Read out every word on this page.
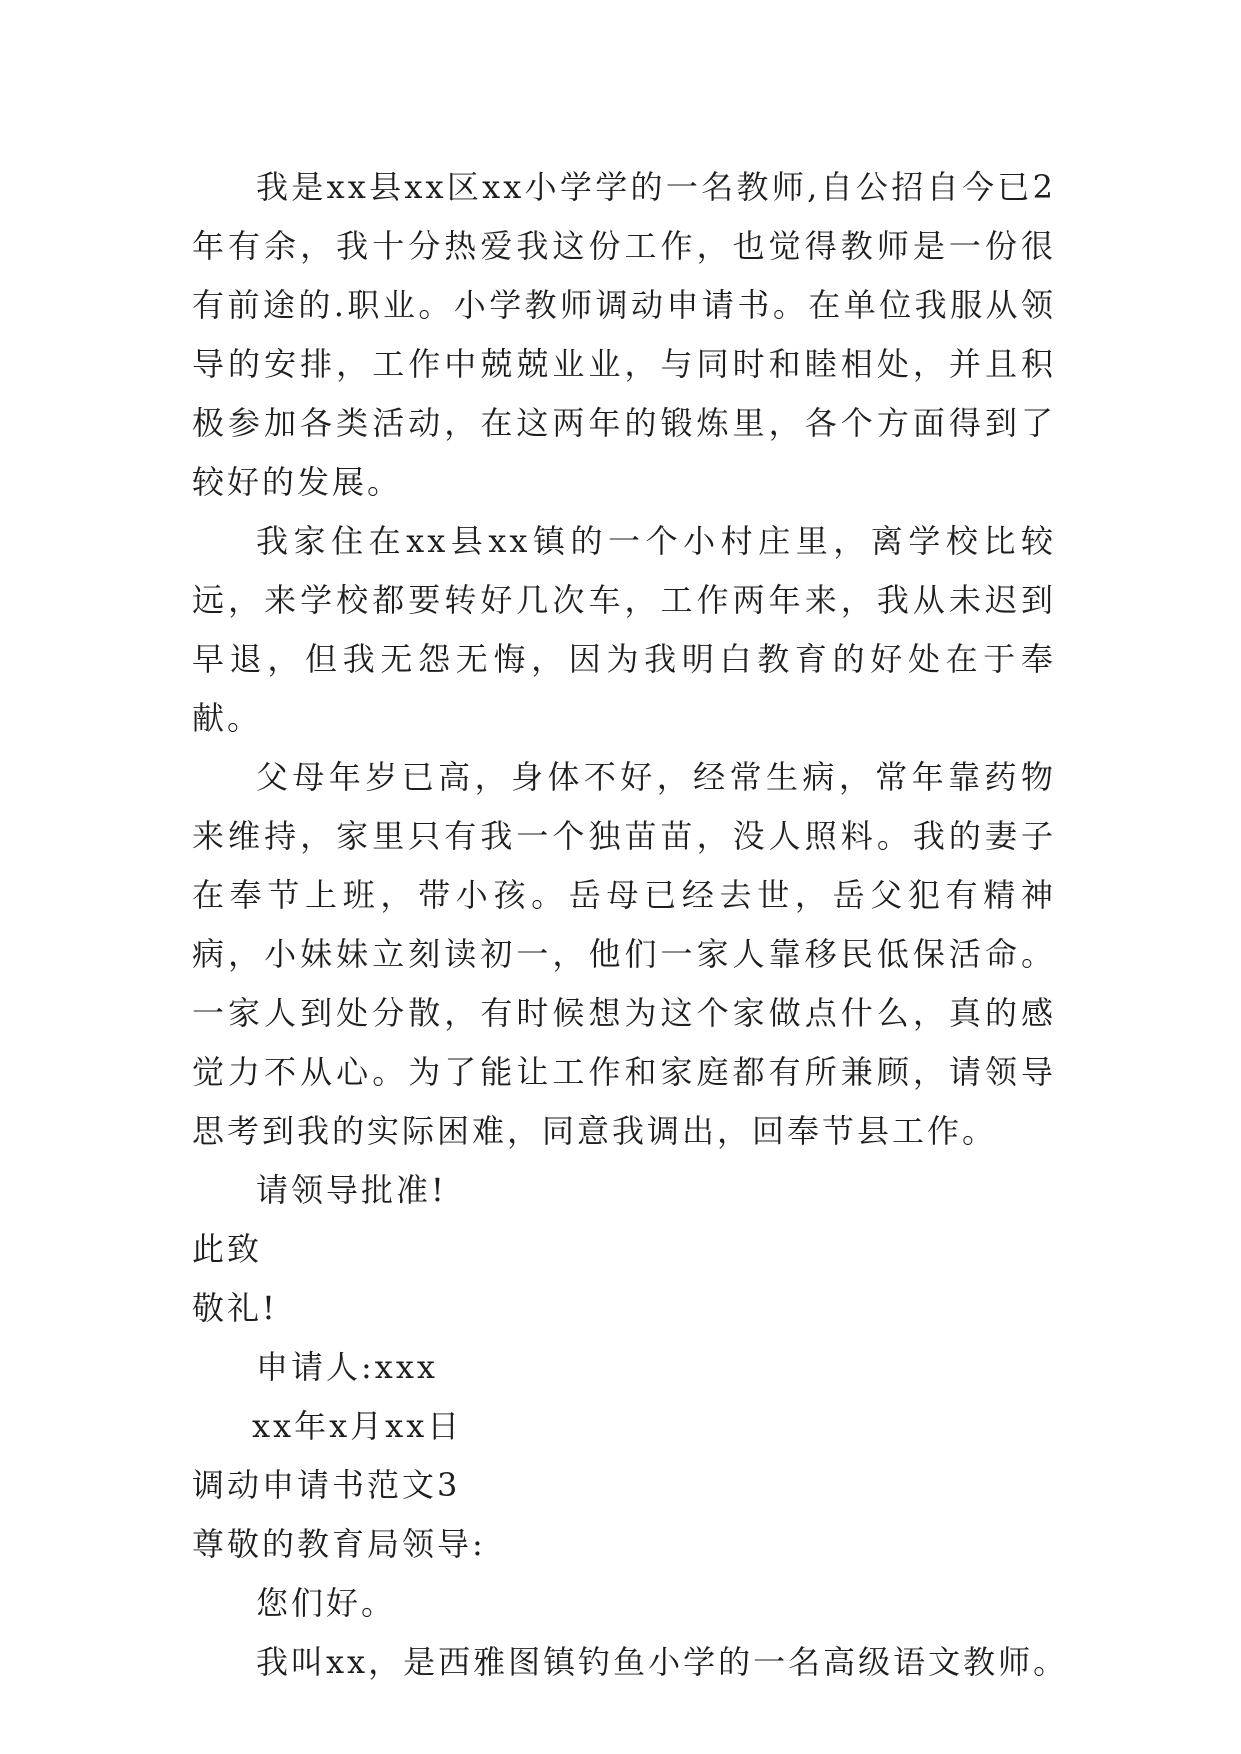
我是xx县xx区xx小学学的一名教师,自公招自今已2年有余，我十分热爱我这份工作，也觉得教师是一份很有前途的.职业。小学教师调动申请书。在单位我服从领导的安排，工作中兢兢业业，与同时和睦相处，并且积极参加各类活动，在这两年的锻炼里，各个方面得到了较好的发展。

我家住在xx县xx镇的一个小村庄里，离学校比较远，来学校都要转好几次车，工作两年来，我从未迟到早退，但我无怨无悔，因为我明白教育的好处在于奉献。

父母年岁已高，身体不好，经常生病，常年靠药物来维持，家里只有我一个独苗苗，没人照料。我的妻子在奉节上班，带小孩。岳母已经去世，岳父犯有精神病，小妹妹立刻读初一，他们一家人靠移民低保活命。一家人到处分散，有时候想为这个家做点什么，真的感觉力不从心。为了能让工作和家庭都有所兼顾，请领导思考到我的实际困难，同意我调出，回奉节县工作。

请领导批准!

此致

敬礼!

申请人:xxx

xx年x月xx日

调动申请书范文3

尊敬的教育局领导:

您们好。

我叫xx，是西雅图镇钓鱼小学的一名高级语文教师。
